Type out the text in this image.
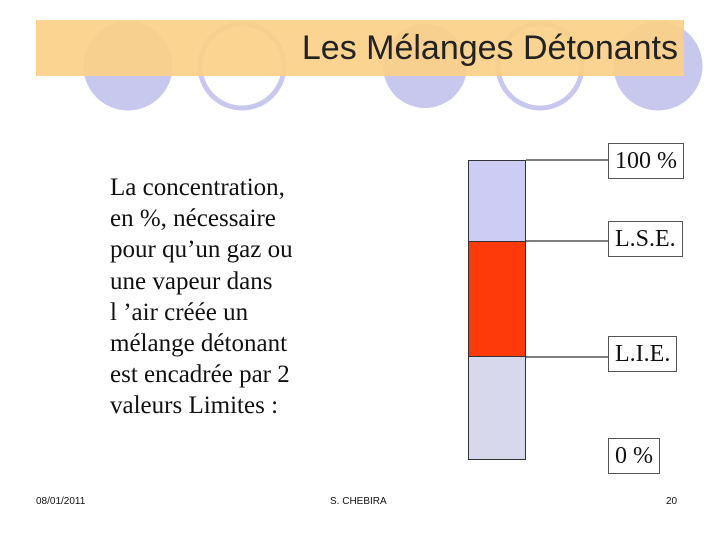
Les Mélanges Détonants
La concentration,
en %, nécessaire
pour qu’un gaz ou
une vapeur dans
l ’air créée un
mélange détonant
est encadrée par 2
valeurs Limites :
100 %
L.S.E.
L.I.E.
0 %
08/01/2011	S. CHEBIRA	20
